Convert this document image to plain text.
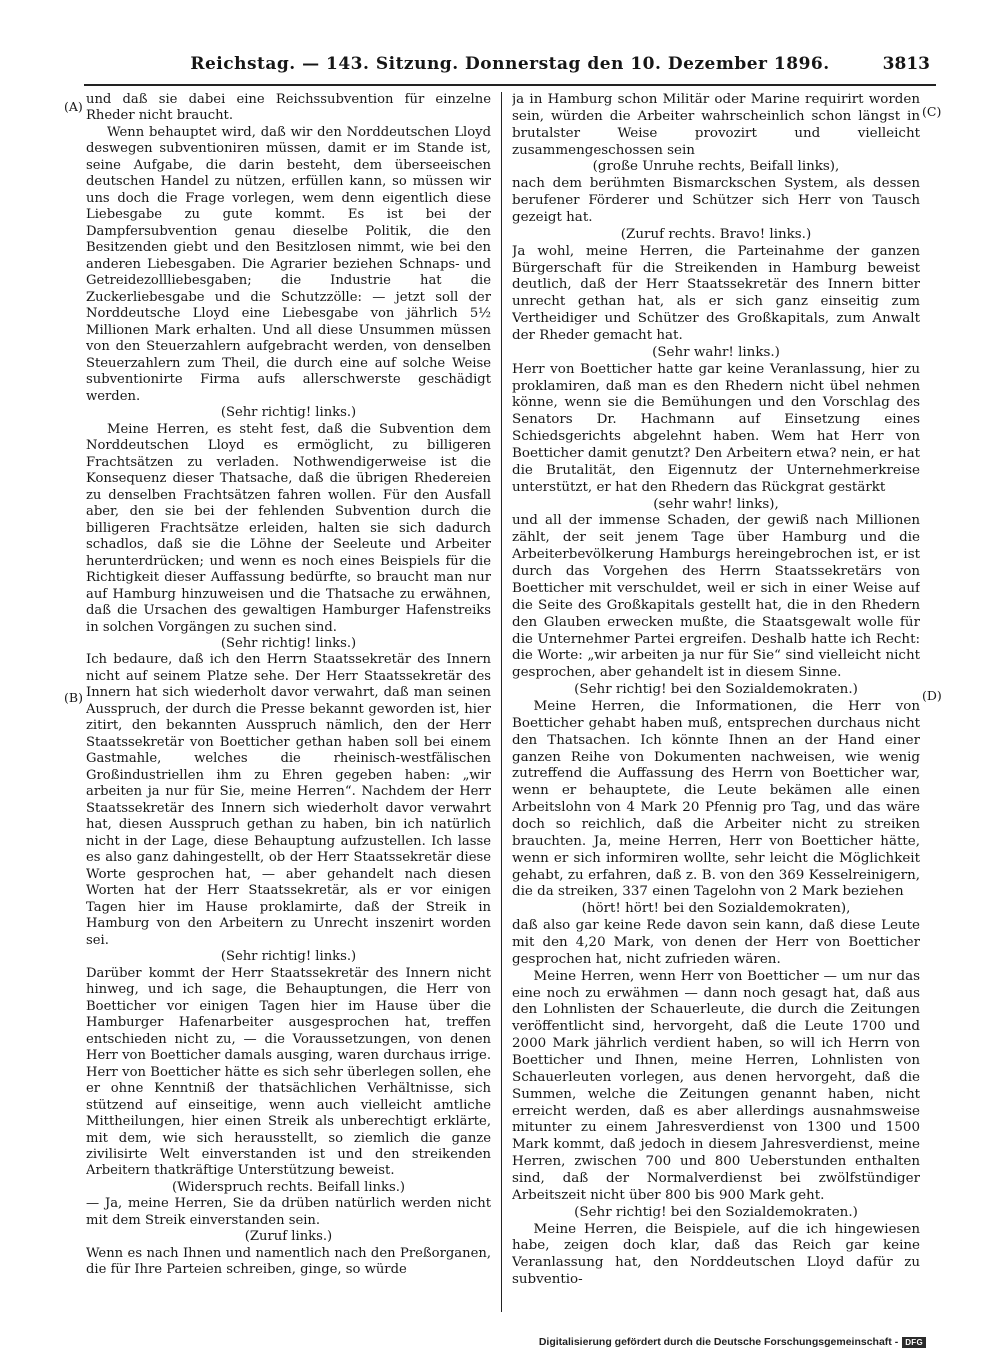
Reichstag. — 143. Sitzung. Donnerstag den 10. Dezember 1896.	3813
(A)
(B)
(C)
(D)

und daß sie dabei eine Reichssubvention für einzelne Rheder nicht braucht.

Wenn behauptet wird, daß wir den Norddeutschen Lloyd deswegen subventioniren müssen, damit er im Stande ist, seine Aufgabe, die darin besteht, dem überseeischen deutschen Handel zu nützen, erfüllen kann, so müssen wir uns doch die Frage vorlegen, wem denn eigentlich diese Liebesgabe zu gute kommt. Es ist bei der Dampfersubvention genau dieselbe Politik, die den Besitzenden giebt und den Besitzlosen nimmt, wie bei den anderen Liebesgaben. Die Agrarier beziehen Schnaps- und Getreidezollliebesgaben; die Industrie hat die Zuckerliebesgabe und die Schutzzölle: — jetzt soll der Norddeutsche Lloyd eine Liebesgabe von jährlich 5½ Millionen Mark erhalten. Und all diese Unsummen müssen von den Steuerzahlern aufgebracht werden, von denselben Steuerzahlern zum Theil, die durch eine auf solche Weise subventionirte Firma aufs allerschwerste geschädigt werden.

(Sehr richtig! links.)

Meine Herren, es steht fest, daß die Subvention dem Norddeutschen Lloyd es ermöglicht, zu billigeren Frachtsätzen zu verladen. Nothwendigerweise ist die Konsequenz dieser Thatsache, daß die übrigen Rhedereien zu denselben Frachtsätzen fahren wollen. Für den Ausfall aber, den sie bei der fehlenden Subvention durch die billigeren Frachtsätze erleiden, halten sie sich dadurch schadlos, daß sie die Löhne der Seeleute und Arbeiter herunterdrücken; und wenn es noch eines Beispiels für die Richtigkeit dieser Auffassung bedürfte, so braucht man nur auf Hamburg hinzuweisen und die Thatsache zu erwähnen, daß die Ursachen des gewaltigen Hamburger Hafenstreiks in solchen Vorgängen zu suchen sind.

(Sehr richtig! links.)

Ich bedaure, daß ich den Herrn Staatssekretär des Innern nicht auf seinem Platze sehe. Der Herr Staatssekretär des Innern hat sich wiederholt davor verwahrt, daß man seinen Ausspruch, der durch die Presse bekannt geworden ist, hier zitirt, den bekannten Ausspruch nämlich, den der Herr Staatssekretär von Boetticher gethan haben soll bei einem Gastmahle, welches die rheinisch-westfälischen Großindustriellen ihm zu Ehren gegeben haben: „wir arbeiten ja nur für Sie, meine Herren“. Nachdem der Herr Staatssekretär des Innern sich wiederholt davor verwahrt hat, diesen Ausspruch gethan zu haben, bin ich natürlich nicht in der Lage, diese Behauptung aufzustellen. Ich lasse es also ganz dahingestellt, ob der Herr Staatssekretär diese Worte gesprochen hat, — aber gehandelt nach diesen Worten hat der Herr Staatssekretär, als er vor einigen Tagen hier im Hause proklamirte, daß der Streik in Hamburg von den Arbeitern zu Unrecht inszenirt worden sei.

(Sehr richtig! links.)

Darüber kommt der Herr Staatssekretär des Innern nicht hinweg, und ich sage, die Behauptungen, die Herr von Boetticher vor einigen Tagen hier im Hause über die Hamburger Hafenarbeiter ausgesprochen hat, treffen entschieden nicht zu, — die Voraussetzungen, von denen Herr von Boetticher damals ausging, waren durchaus irrige. Herr von Boetticher hätte es sich sehr überlegen sollen, ehe er ohne Kenntniß der thatsächlichen Verhältnisse, sich stützend auf einseitige, wenn auch vielleicht amtliche Mittheilungen, hier einen Streik als unberechtigt erklärte, mit dem, wie sich herausstellt, so ziemlich die ganze zivilisirte Welt einverstanden ist und den streikenden Arbeitern thatkräftige Unterstützung beweist.

(Widerspruch rechts. Beifall links.)

— Ja, meine Herren, Sie da drüben natürlich werden nicht mit dem Streik einverstanden sein.

(Zuruf links.)

Wenn es nach Ihnen und namentlich nach den Preßorganen, die für Ihre Parteien schreiben, ginge, so würde

ja in Hamburg schon Militär oder Marine requirirt worden sein, würden die Arbeiter wahrscheinlich schon längst in brutalster Weise provozirt und vielleicht zusammengeschossen sein

(große Unruhe rechts, Beifall links),

nach dem berühmten Bismarckschen System, als dessen berufener Förderer und Schützer sich Herr von Tausch gezeigt hat.

(Zuruf rechts. Bravo! links.)

Ja wohl, meine Herren, die Parteinahme der ganzen Bürgerschaft für die Streikenden in Hamburg beweist deutlich, daß der Herr Staatssekretär des Innern bitter unrecht gethan hat, als er sich ganz einseitig zum Vertheidiger und Schützer des Großkapitals, zum Anwalt der Rheder gemacht hat.

(Sehr wahr! links.)

Herr von Boetticher hatte gar keine Veranlassung, hier zu proklamiren, daß man es den Rhedern nicht übel nehmen könne, wenn sie die Bemühungen und den Vorschlag des Senators Dr. Hachmann auf Einsetzung eines Schiedsgerichts abgelehnt haben. Wem hat Herr von Boetticher damit genutzt? Den Arbeitern etwa? nein, er hat die Brutalität, den Eigennutz der Unternehmerkreise unterstützt, er hat den Rhedern das Rückgrat gestärkt

(sehr wahr! links),

und all der immense Schaden, der gewiß nach Millionen zählt, der seit jenem Tage über Hamburg und die Arbeiterbevölkerung Hamburgs hereingebrochen ist, er ist durch das Vorgehen des Herrn Staatssekretärs von Boetticher mit verschuldet, weil er sich in einer Weise auf die Seite des Großkapitals gestellt hat, die in den Rhedern den Glauben erwecken mußte, die Staatsgewalt wolle für die Unternehmer Partei ergreifen. Deshalb hatte ich Recht: die Worte: „wir arbeiten ja nur für Sie“ sind vielleicht nicht gesprochen, aber gehandelt ist in diesem Sinne.

(Sehr richtig! bei den Sozialdemokraten.)

Meine Herren, die Informationen, die Herr von Boetticher gehabt haben muß, entsprechen durchaus nicht den Thatsachen. Ich könnte Ihnen an der Hand einer ganzen Reihe von Dokumenten nachweisen, wie wenig zutreffend die Auffassung des Herrn von Boetticher war, wenn er behauptete, die Leute bekämen alle einen Arbeitslohn von 4 Mark 20 Pfennig pro Tag, und das wäre doch so reichlich, daß die Arbeiter nicht zu streiken brauchten. Ja, meine Herren, Herr von Boetticher hätte, wenn er sich informiren wollte, sehr leicht die Möglichkeit gehabt, zu erfahren, daß z. B. von den 369 Kesselreinigern, die da streiken, 337 einen Tagelohn von 2 Mark beziehen

(hört! hört! bei den Sozialdemokraten),

daß also gar keine Rede davon sein kann, daß diese Leute mit den 4,20 Mark, von denen der Herr von Boetticher gesprochen hat, nicht zufrieden wären.

Meine Herren, wenn Herr von Boetticher — um nur das eine noch zu erwähmen — dann noch gesagt hat, daß aus den Lohnlisten der Schauerleute, die durch die Zeitungen veröffentlicht sind, hervorgeht, daß die Leute 1700 und 2000 Mark jährlich verdient haben, so will ich Herrn von Boetticher und Ihnen, meine Herren, Lohnlisten von Schauerleuten vorlegen, aus denen hervorgeht, daß die Summen, welche die Zeitungen genannt haben, nicht erreicht werden, daß es aber allerdings ausnahmsweise mitunter zu einem Jahresverdienst von 1300 und 1500 Mark kommt, daß jedoch in diesem Jahresverdienst, meine Herren, zwischen 700 und 800 Ueberstunden enthalten sind, daß der Normalverdienst bei zwölfstündiger Arbeitszeit nicht über 800 bis 900 Mark geht.

(Sehr richtig! bei den Sozialdemokraten.)

Meine Herren, die Beispiele, auf die ich hingewiesen habe, zeigen doch klar, daß das Reich gar keine Veranlassung hat, den Norddeutschen Lloyd dafür zu subventio-

Digitalisierung gefördert durch die Deutsche Forschungsgemeinschaft - DFG
